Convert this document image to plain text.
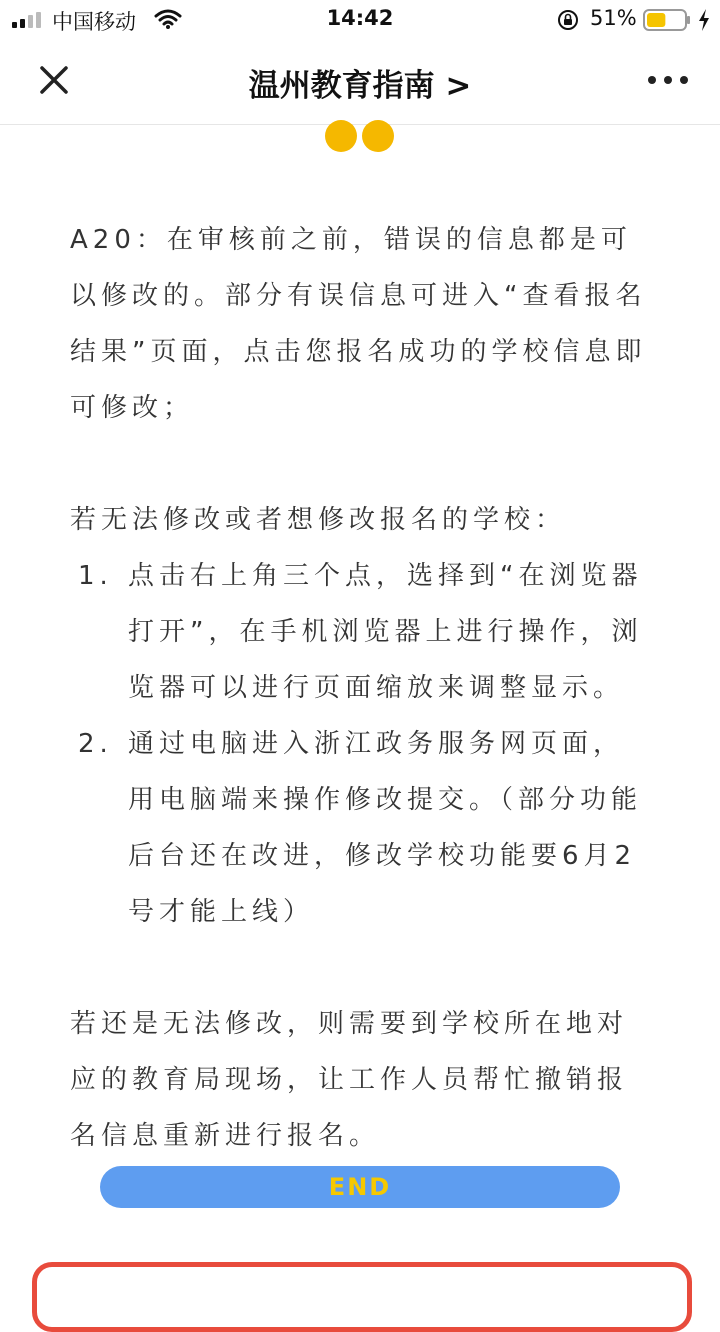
中国移动	14:42	51%
温州教育指南 >

A20：在审核前之前，错误的信息都是可以修改的。部分有误信息可进入“查看报名结果”页面，点击您报名成功的学校信息即可修改；

若无法修改或者想修改报名的学校：

1. 点击右上角三个点，选择到“在浏览器打开”，在手机浏览器上进行操作，浏览器可以进行页面缩放来调整显示。
2. 通过电脑进入浙江政务服务网页面，用电脑端来操作修改提交。（部分功能后台还在改进，修改学校功能要6月2号才能上线）

若还是无法修改，则需要到学校所在地对应的教育局现场，让工作人员帮忙撤销报名信息重新进行报名。

END
